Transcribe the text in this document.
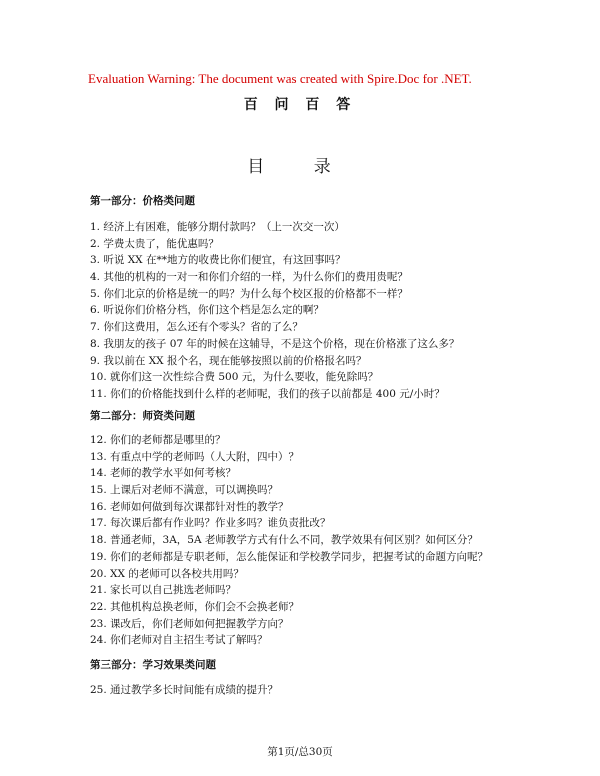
Evaluation Warning: The document was created with Spire.Doc for .NET.
百 问 百 答
目 录
第一部分：价格类问题
1. 经济上有困难，能够分期付款吗？（上一次交一次）
2. 学费太贵了，能优惠吗？
3. 听说 XX 在**地方的收费比你们便宜，有这回事吗？
4. 其他的机构的一对一和你们介绍的一样，为什么你们的费用贵呢？
5. 你们北京的价格是统一的吗？为什么每个校区报的价格都不一样？
6. 听说你们价格分档，你们这个档是怎么定的啊？
7. 你们这费用，怎么还有个零头？省的了么？
8. 我朋友的孩子 07 年的时候在这辅导，不是这个价格，现在价格涨了这么多？
9. 我以前在 XX 报个名，现在能够按照以前的价格报名吗？
10. 就你们这一次性综合费 500 元，为什么要收，能免除吗？
11. 你们的价格能找到什么样的老师呢，我们的孩子以前都是 400 元/小时？
第二部分：师资类问题
12. 你们的老师都是哪里的？
13. 有重点中学的老师吗（人大附，四中）？
14. 老师的教学水平如何考核？
15. 上课后对老师不满意，可以调换吗？
16. 老师如何做到每次课都针对性的教学？
17. 每次课后都有作业吗？作业多吗？谁负责批改？
18. 普通老师，3A，5A 老师教学方式有什么不同，教学效果有何区别？如何区分？
19. 你们的老师都是专职老师，怎么能保证和学校教学同步，把握考试的命题方向呢？
20. XX 的老师可以各校共用吗？
21. 家长可以自己挑选老师吗？
22. 其他机构总换老师，你们会不会换老师？
23. 课改后，你们老师如何把握教学方向？
24. 你们老师对自主招生考试了解吗？
第三部分：学习效果类问题
25. 通过教学多长时间能有成绩的提升？
第1页/总30页
